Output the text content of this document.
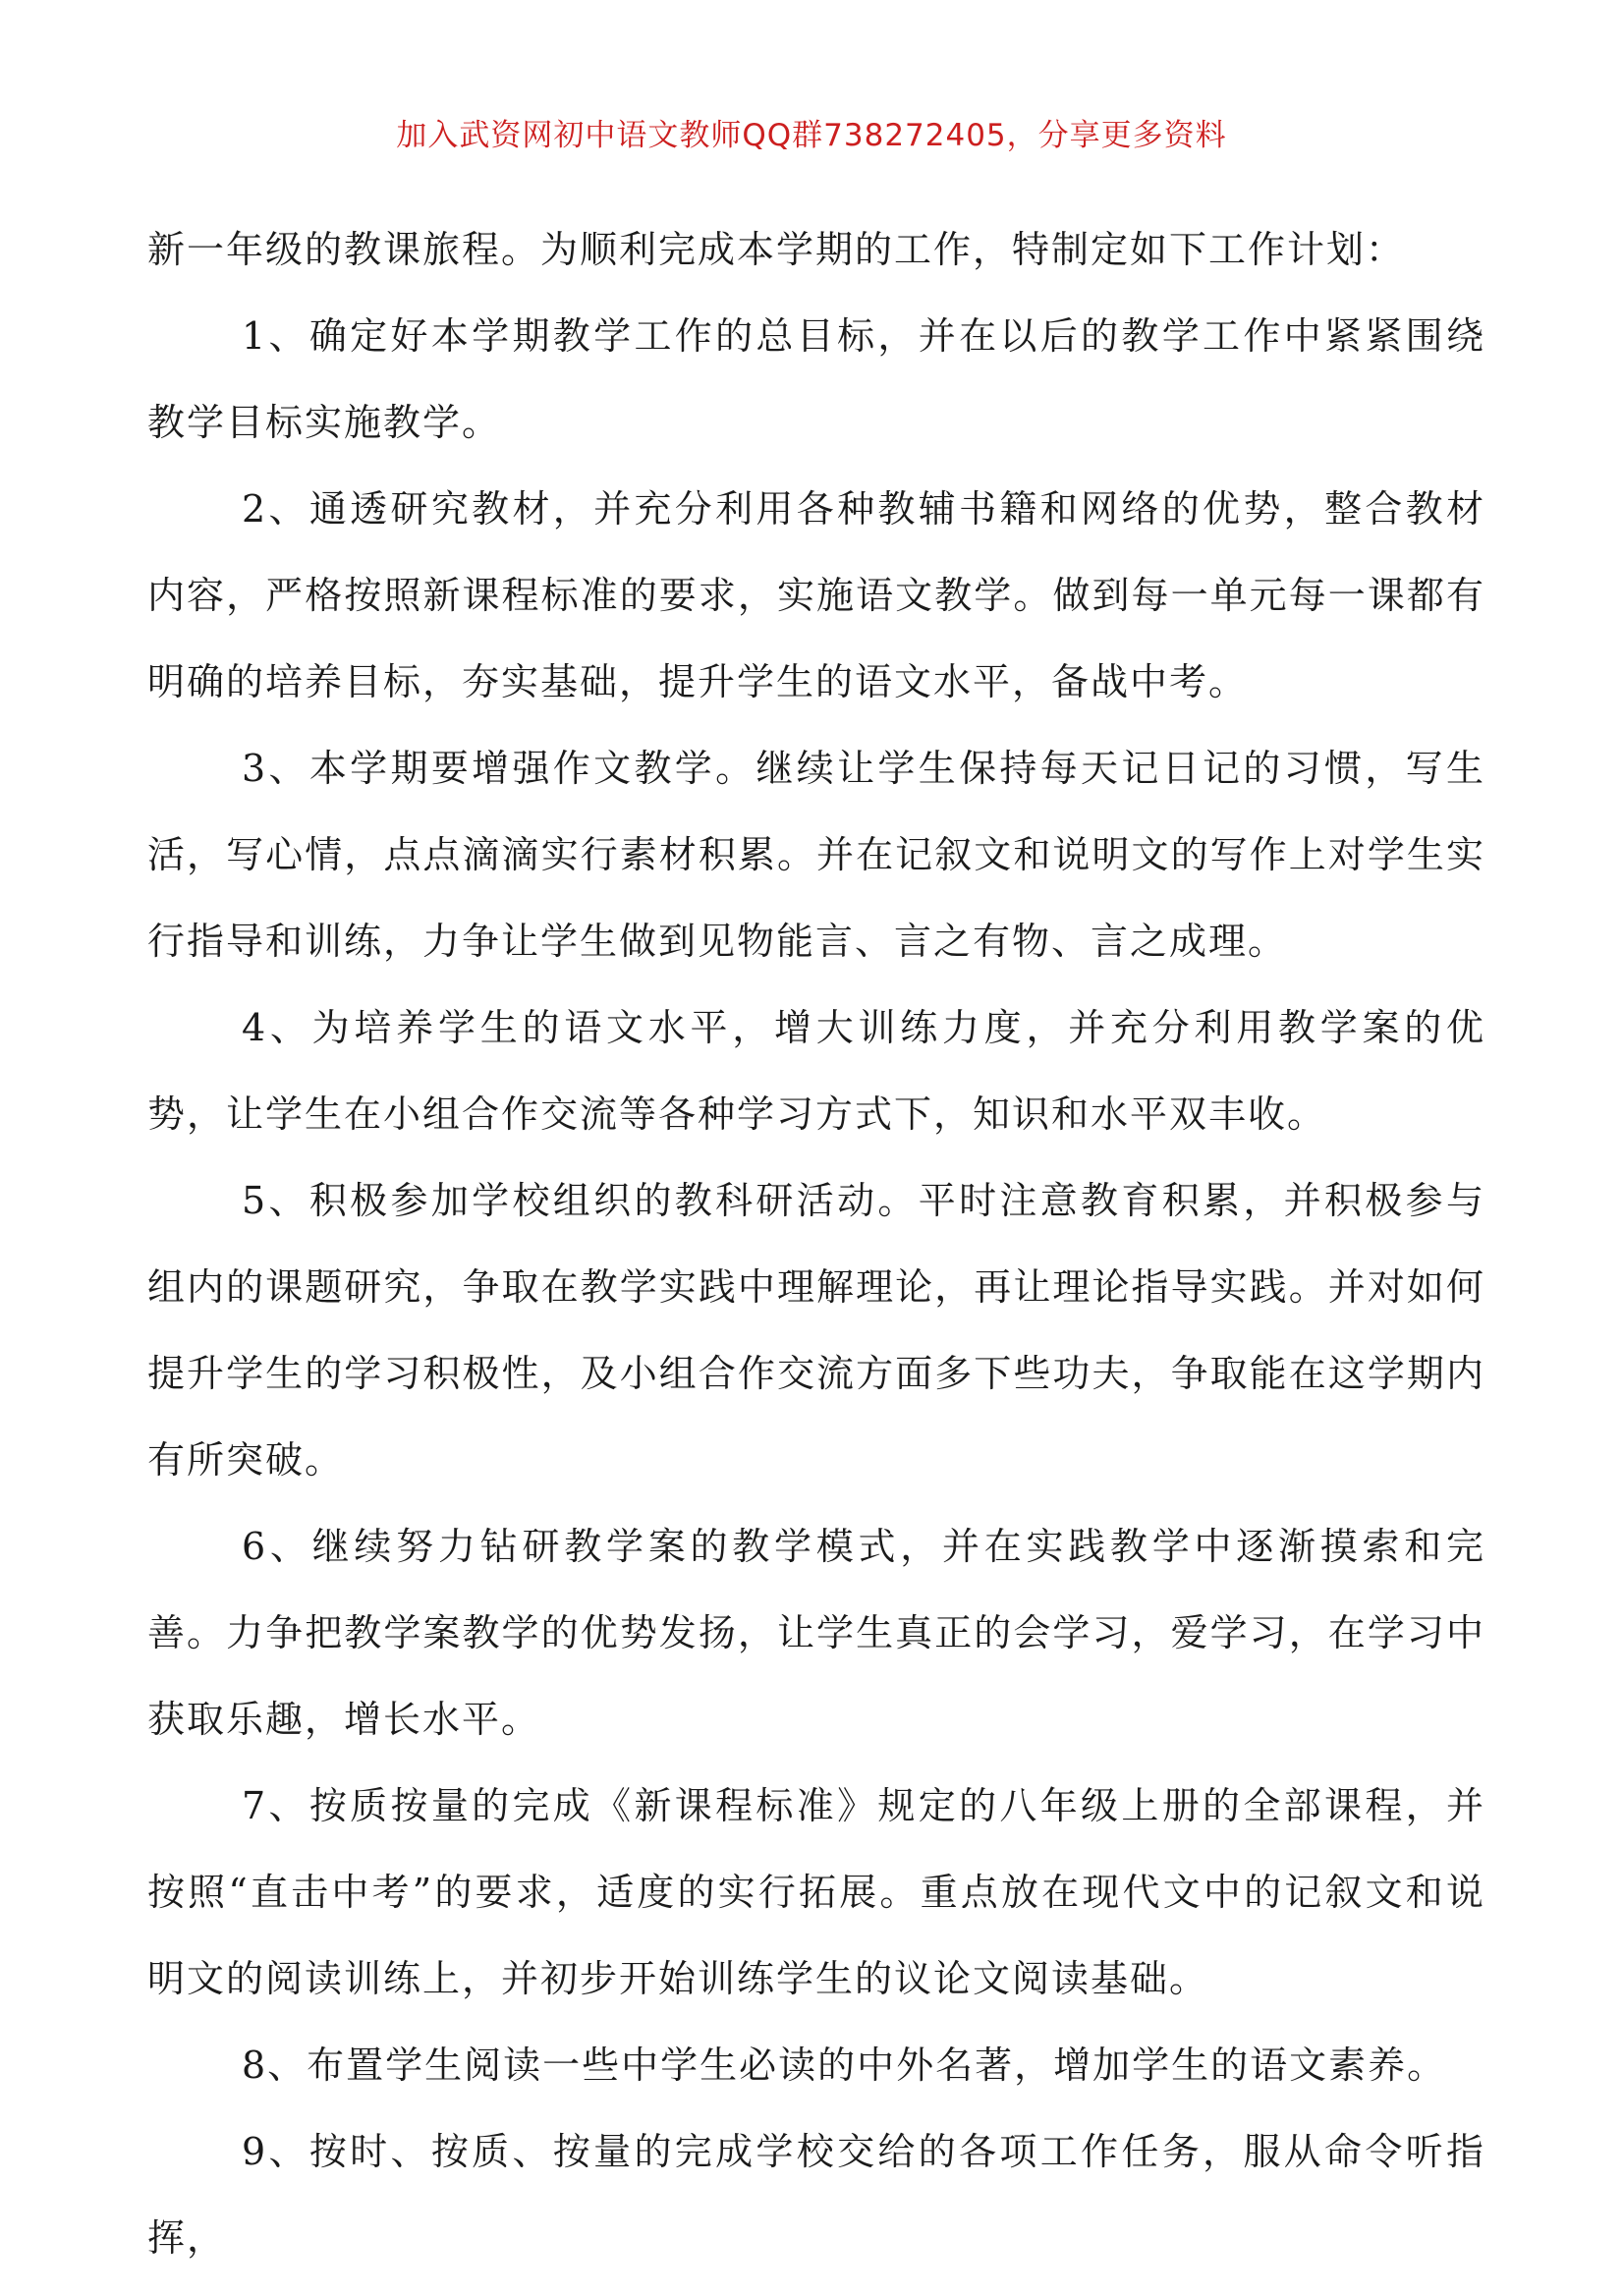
加入武资网初中语文教师QQ群738272405，分享更多资料

新一年级的教课旅程。为顺利完成本学期的工作，特制定如下工作计划：

1、确定好本学期教学工作的总目标，并在以后的教学工作中紧紧围绕教学目标实施教学。

2、通透研究教材，并充分利用各种教辅书籍和网络的优势，整合教材内容，严格按照新课程标准的要求，实施语文教学。做到每一单元每一课都有明确的培养目标，夯实基础，提升学生的语文水平，备战中考。

3、本学期要增强作文教学。继续让学生保持每天记日记的习惯，写生活，写心情，点点滴滴实行素材积累。并在记叙文和说明文的写作上对学生实行指导和训练，力争让学生做到见物能言、言之有物、言之成理。

4、为培养学生的语文水平，增大训练力度，并充分利用教学案的优势，让学生在小组合作交流等各种学习方式下，知识和水平双丰收。

5、积极参加学校组织的教科研活动。平时注意教育积累，并积极参与组内的课题研究，争取在教学实践中理解理论，再让理论指导实践。并对如何提升学生的学习积极性，及小组合作交流方面多下些功夫，争取能在这学期内有所突破。

6、继续努力钻研教学案的教学模式，并在实践教学中逐渐摸索和完善。力争把教学案教学的优势发扬，让学生真正的会学习，爱学习，在学习中获取乐趣，增长水平。

7、按质按量的完成《新课程标准》规定的八年级上册的全部课程，并按照“直击中考”的要求，适度的实行拓展。重点放在现代文中的记叙文和说明文的阅读训练上，并初步开始训练学生的议论文阅读基础。

8、布置学生阅读一些中学生必读的中外名著，增加学生的语文素养。

9、按时、按质、按量的完成学校交给的各项工作任务，服从命令听指挥，
